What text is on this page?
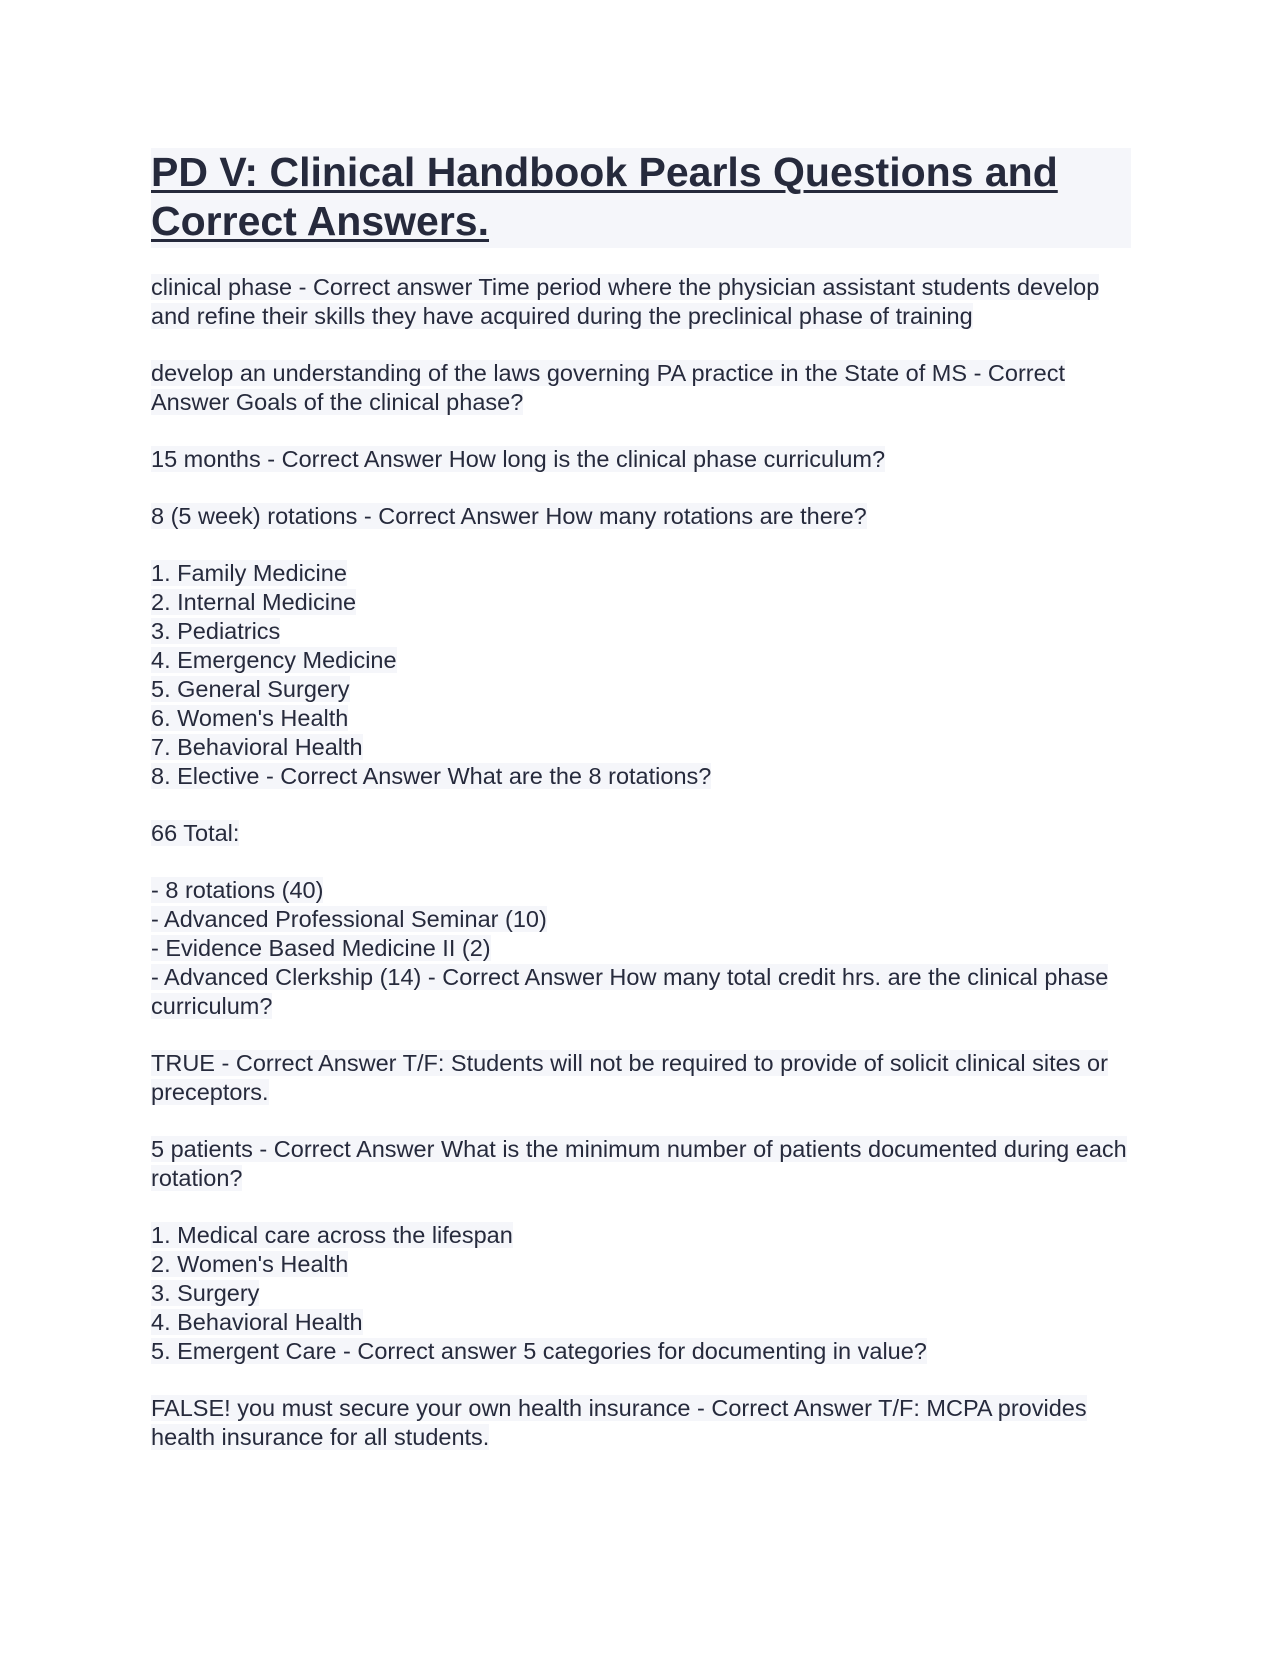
PD V: Clinical Handbook Pearls Questions and Correct Answers.

clinical phase - Correct answer Time period where the physician assistant students develop and refine their skills they have acquired during the preclinical phase of training

develop an understanding of the laws governing PA practice in the State of MS - Correct Answer Goals of the clinical phase?

15 months - Correct Answer How long is the clinical phase curriculum?

8 (5 week) rotations - Correct Answer How many rotations are there?

1. Family Medicine
2. Internal Medicine
3. Pediatrics
4. Emergency Medicine
5. General Surgery
6. Women's Health
7. Behavioral Health
8. Elective - Correct Answer What are the 8 rotations?

66 Total:

- 8 rotations (40)
- Advanced Professional Seminar (10)
- Evidence Based Medicine II (2)
- Advanced Clerkship (14) - Correct Answer How many total credit hrs. are the clinical phase curriculum?

TRUE - Correct Answer T/F: Students will not be required to provide of solicit clinical sites or preceptors.

5 patients - Correct Answer What is the minimum number of patients documented during each rotation?

1. Medical care across the lifespan
2. Women's Health
3. Surgery
4. Behavioral Health
5. Emergent Care - Correct answer 5 categories for documenting in value?

FALSE! you must secure your own health insurance - Correct Answer T/F: MCPA provides health insurance for all students.
